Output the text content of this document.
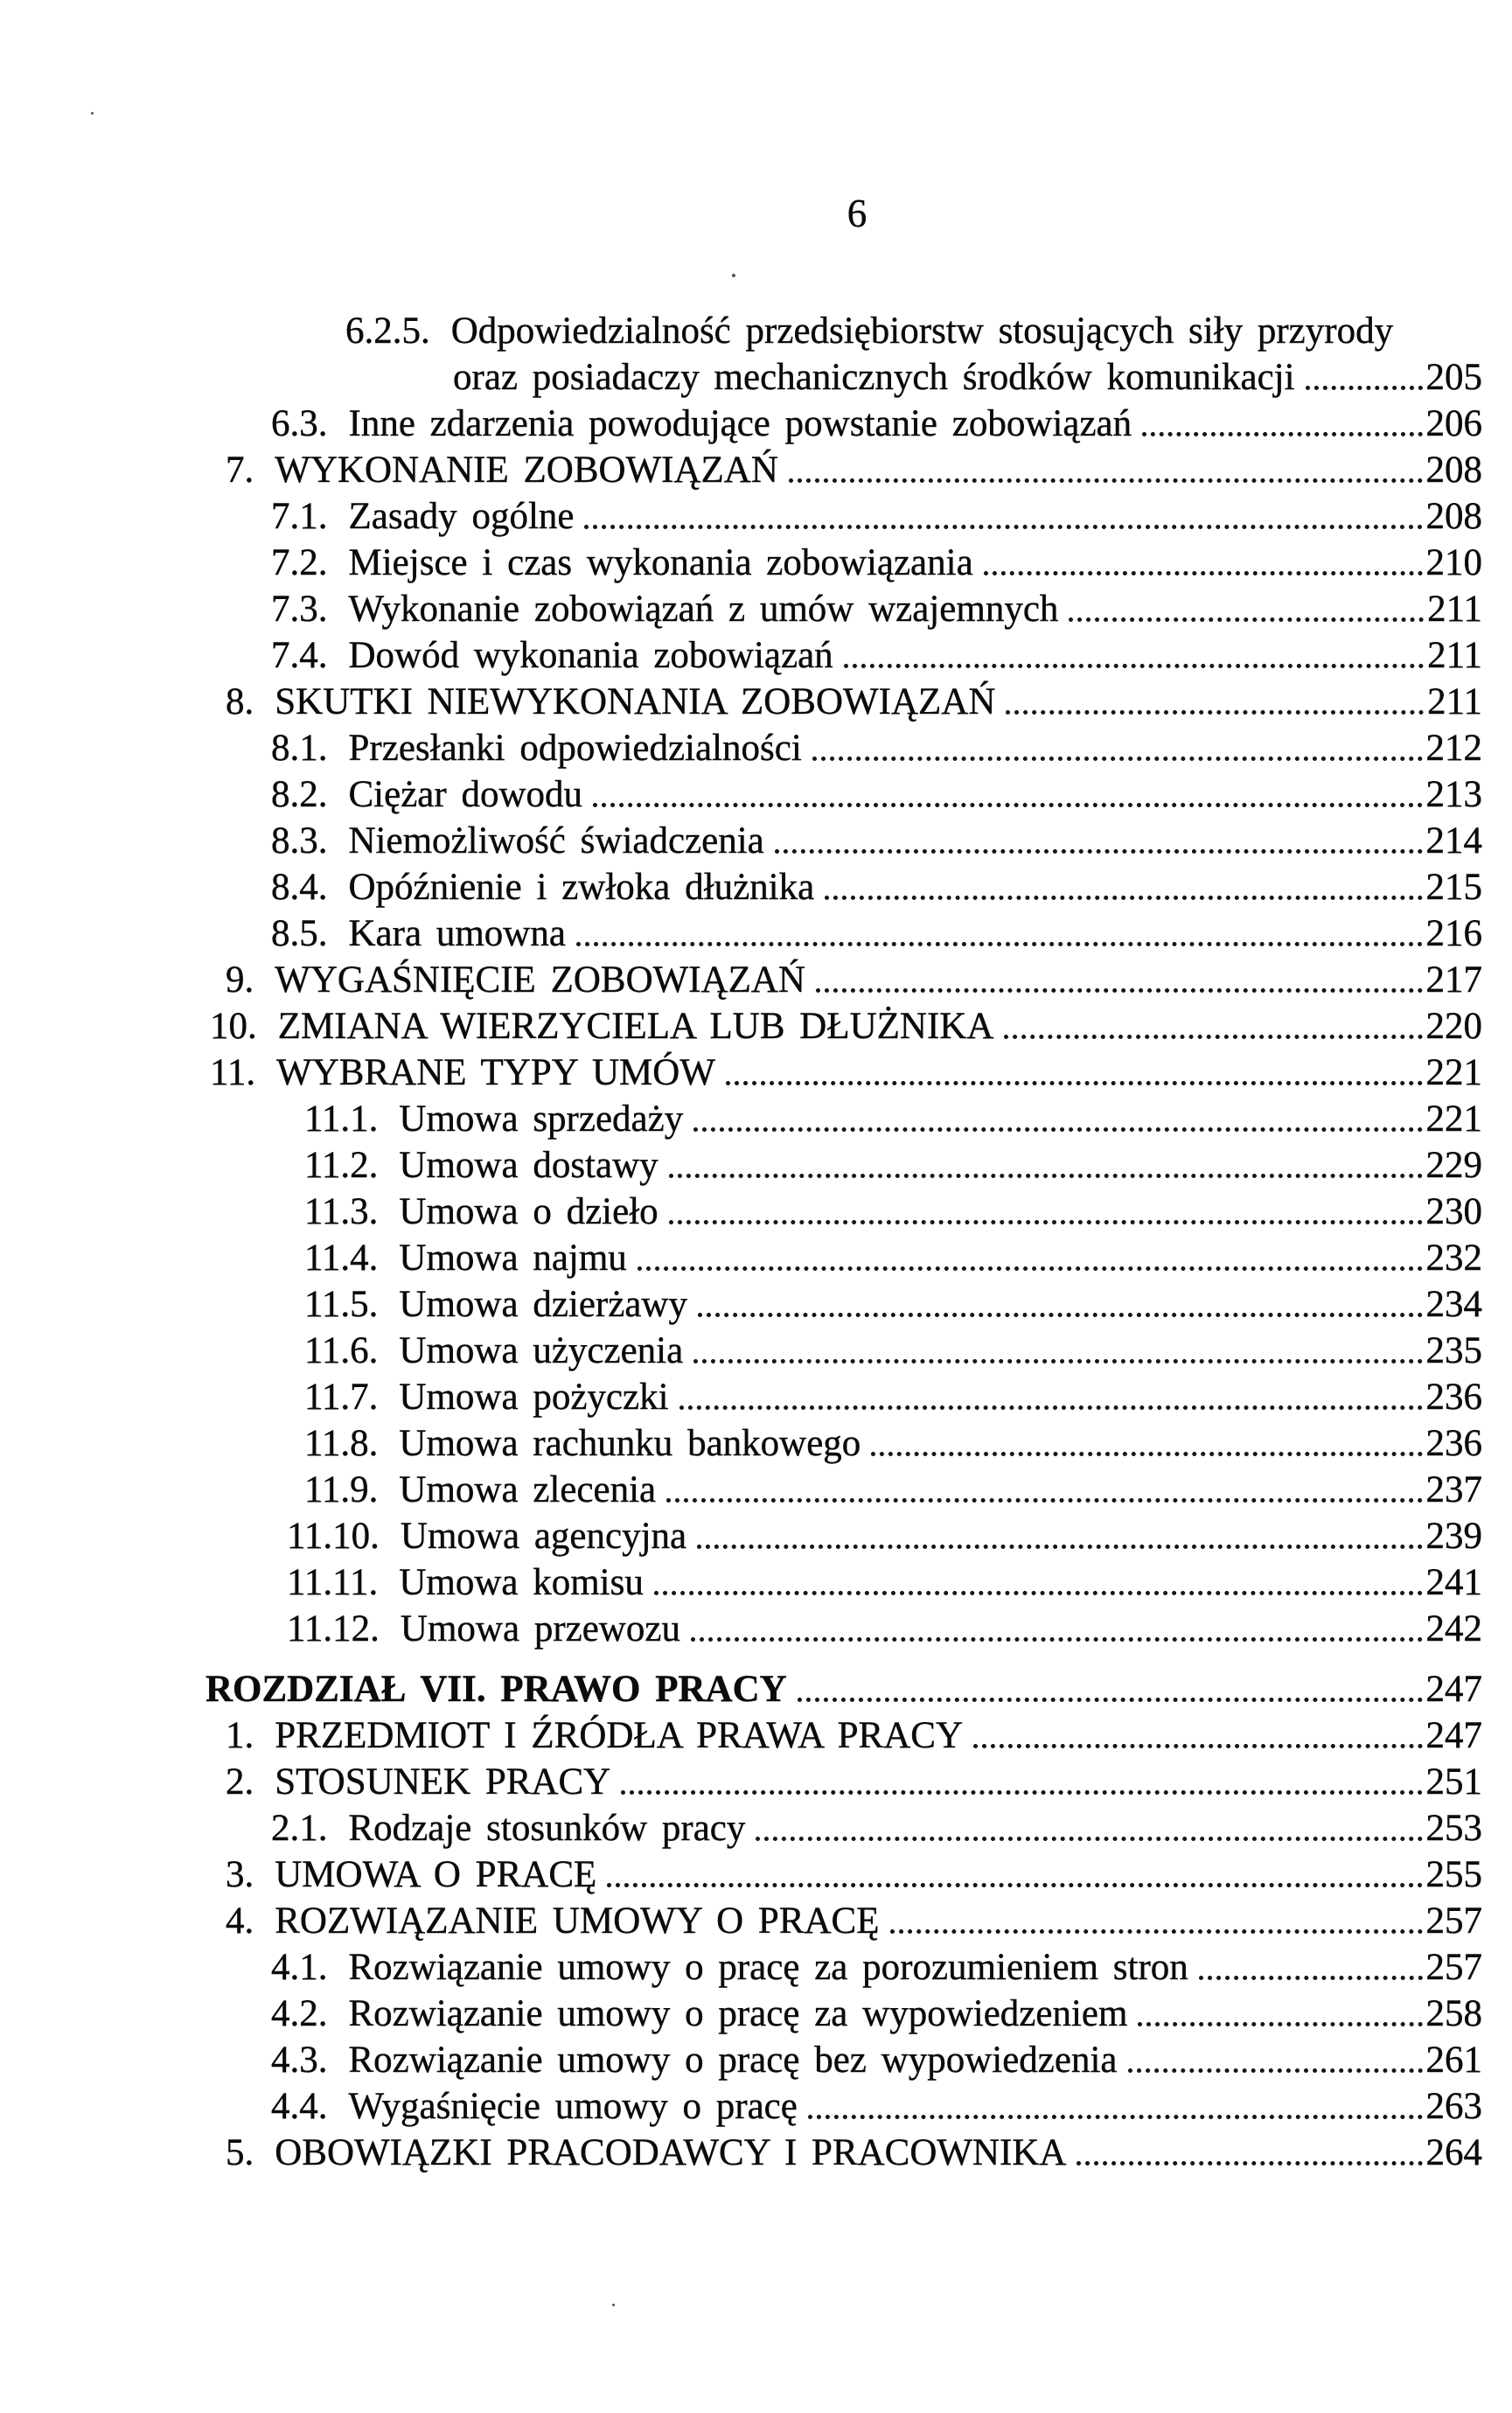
6
6.2.5. Odpowiedzialność przedsiębiorstw stosujących siły przyrody
oraz posiadaczy mechanicznych środków komunikacji	205
6.3. Inne zdarzenia powodujące powstanie zobowiązań	206
7. WYKONANIE ZOBOWIĄZAŃ	208
7.1. Zasady ogólne	208
7.2. Miejsce i czas wykonania zobowiązania	210
7.3. Wykonanie zobowiązań z umów wzajemnych	211
7.4. Dowód wykonania zobowiązań	211
8. SKUTKI NIEWYKONANIA ZOBOWIĄZAŃ	211
8.1. Przesłanki odpowiedzialności	212
8.2. Ciężar dowodu	213
8.3. Niemożliwość świadczenia	214
8.4. Opóźnienie i zwłoka dłużnika	215
8.5. Kara umowna	216
9. WYGAŚNIĘCIE ZOBOWIĄZAŃ	217
10. ZMIANA WIERZYCIELA LUB DŁUŻNIKA	220
11. WYBRANE TYPY UMÓW	221
11.1. Umowa sprzedaży	221
11.2. Umowa dostawy	229
11.3. Umowa o dzieło	230
11.4. Umowa najmu	232
11.5. Umowa dzierżawy	234
11.6. Umowa użyczenia	235
11.7. Umowa pożyczki	236
11.8. Umowa rachunku bankowego	236
11.9. Umowa zlecenia	237
11.10. Umowa agencyjna	239
11.11. Umowa komisu	241
11.12. Umowa przewozu	242
ROZDZIAŁ VII. PRAWO PRACY	247
1. PRZEDMIOT I ŹRÓDŁA PRAWA PRACY	247
2. STOSUNEK PRACY	251
2.1. Rodzaje stosunków pracy	253
3. UMOWA O PRACĘ	255
4. ROZWIĄZANIE UMOWY O PRACĘ	257
4.1. Rozwiązanie umowy o pracę za porozumieniem stron	257
4.2. Rozwiązanie umowy o pracę za wypowiedzeniem	258
4.3. Rozwiązanie umowy o pracę bez wypowiedzenia	261
4.4. Wygaśnięcie umowy o pracę	263
5. OBOWIĄZKI PRACODAWCY I PRACOWNIKA	264
